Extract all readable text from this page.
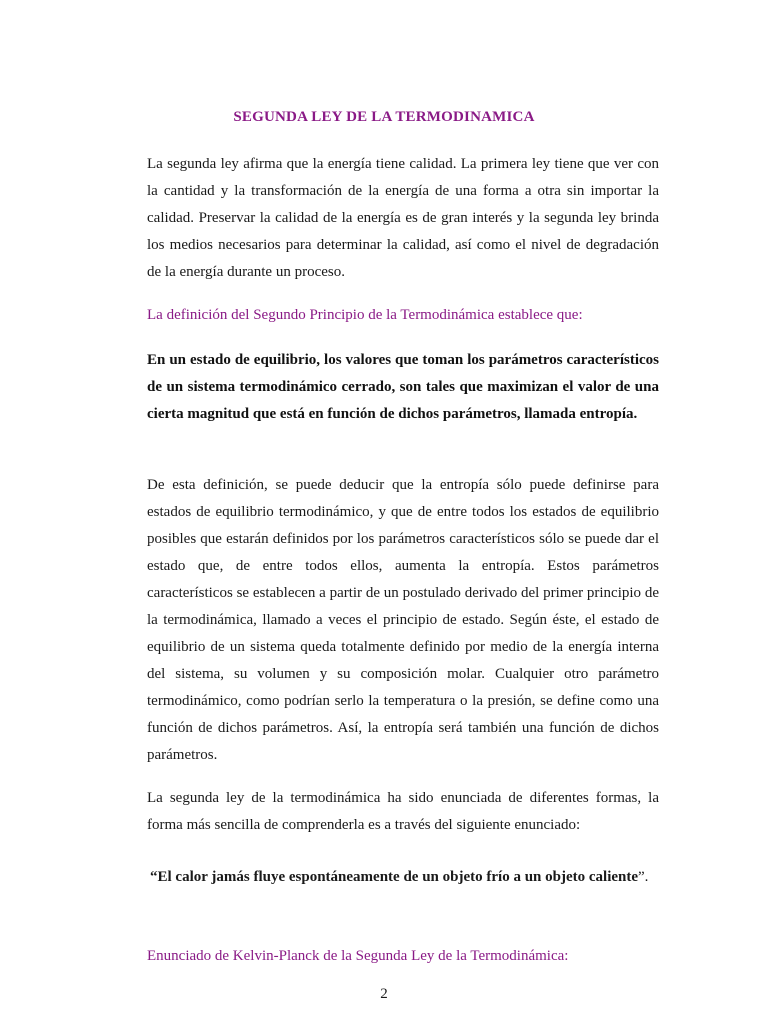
SEGUNDA LEY DE LA TERMODINAMICA

La segunda ley afirma que la energía tiene calidad. La primera ley tiene que ver con la cantidad y la transformación de la energía de una forma a otra sin importar la calidad. Preservar la calidad de la energía es de gran interés y la segunda ley brinda los medios necesarios para determinar la calidad, así como el nivel de degradación de la energía durante un proceso.

La definición del Segundo Principio de la Termodinámica establece que:

En un estado de equilibrio, los valores que toman los parámetros característicos de un sistema termodinámico cerrado, son tales que maximizan el valor de una cierta magnitud que está en función de dichos parámetros, llamada entropía.

De esta definición, se puede deducir que la entropía sólo puede definirse para estados de equilibrio termodinámico, y que de entre todos los estados de equilibrio posibles que estarán definidos por los parámetros característicos sólo se puede dar el estado que, de entre todos ellos, aumenta la entropía. Estos parámetros característicos se establecen a partir de un postulado derivado del primer principio de la termodinámica, llamado a veces el principio de estado. Según éste, el estado de equilibrio de un sistema queda totalmente definido por medio de la energía interna del sistema, su volumen y su composición molar. Cualquier otro parámetro termodinámico, como podrían serlo la temperatura o la presión, se define como una función de dichos parámetros. Así, la entropía será también una función de dichos parámetros.

La segunda ley de la termodinámica ha sido enunciada de diferentes formas, la forma más sencilla de comprenderla es a través del siguiente enunciado:

“El calor jamás fluye espontáneamente de un objeto frío a un objeto caliente”.

Enunciado de Kelvin-Planck de la Segunda Ley de la Termodinámica:

2
